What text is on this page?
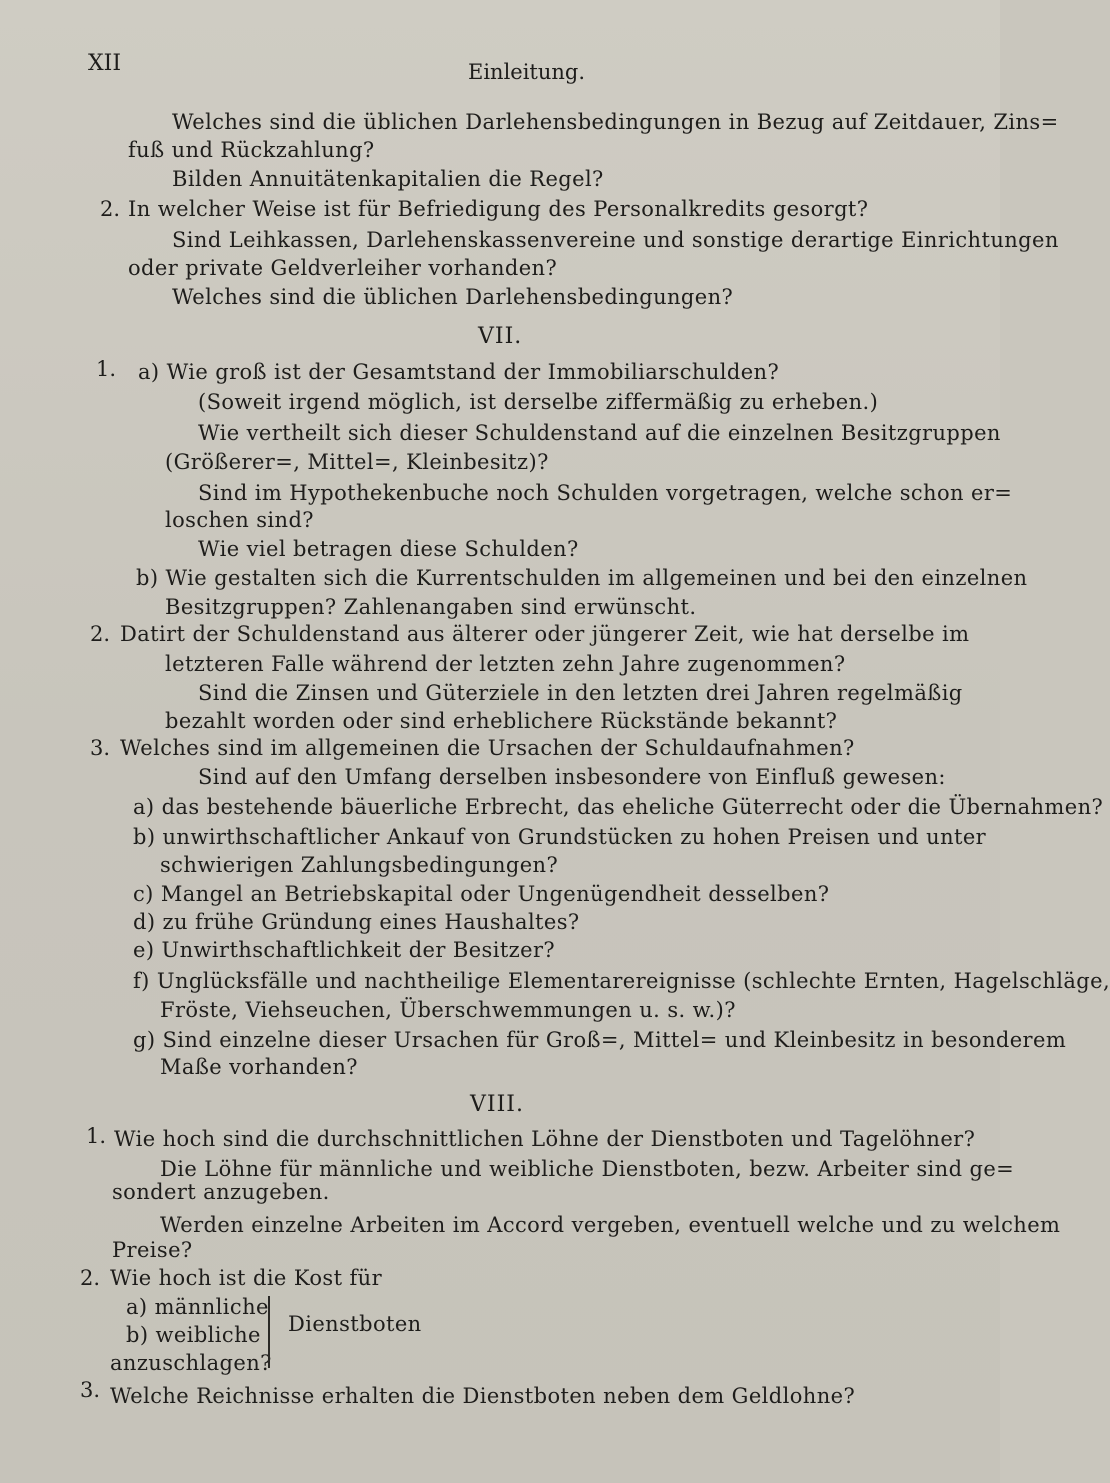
XII	Einleitung.
Welches sind die üblichen Darlehensbedingungen in Bezug auf Zeitdauer, Zins=
fuß und Rückzahlung?
Bilden Annuitätenkapitalien die Regel?
2. In welcher Weise ist für Befriedigung des Personalkredits gesorgt?
Sind Leihkassen, Darlehenskassenvereine und sonstige derartige Einrichtungen
oder private Geldverleiher vorhanden?
Welches sind die üblichen Darlehensbedingungen?
VII.
1. a) Wie groß ist der Gesamtstand der Immobiliarschulden?
(Soweit irgend möglich, ist derselbe ziffermäßig zu erheben.)
Wie vertheilt sich dieser Schuldenstand auf die einzelnen Besitzgruppen
(Größerer=, Mittel=, Kleinbesitz)?
Sind im Hypothekenbuche noch Schulden vorgetragen, welche schon er=
loschen sind?
Wie viel betragen diese Schulden?
b) Wie gestalten sich die Kurrentschulden im allgemeinen und bei den einzelnen
Besitzgruppen? Zahlenangaben sind erwünscht.
2. Datirt der Schuldenstand aus älterer oder jüngerer Zeit, wie hat derselbe im
letzteren Falle während der letzten zehn Jahre zugenommen?
Sind die Zinsen und Güterziele in den letzten drei Jahren regelmäßig
bezahlt worden oder sind erheblichere Rückstände bekannt?
3. Welches sind im allgemeinen die Ursachen der Schuldaufnahmen?
Sind auf den Umfang derselben insbesondere von Einfluß gewesen:
a) das bestehende bäuerliche Erbrecht, das eheliche Güterrecht oder die Übernahmen?
b) unwirthschaftlicher Ankauf von Grundstücken zu hohen Preisen und unter
schwierigen Zahlungsbedingungen?
c) Mangel an Betriebskapital oder Ungenügendheit desselben?
d) zu frühe Gründung eines Haushaltes?
e) Unwirthschaftlichkeit der Besitzer?
f) Unglücksfälle und nachtheilige Elementarereignisse (schlechte Ernten, Hagelschläge,
Fröste, Viehseuchen, Überschwemmungen u. s. w.)?
g) Sind einzelne dieser Ursachen für Groß=, Mittel= und Kleinbesitz in besonderem
Maße vorhanden?
VIII.
1. Wie hoch sind die durchschnittlichen Löhne der Dienstboten und Tagelöhner?
Die Löhne für männliche und weibliche Dienstboten, bezw. Arbeiter sind ge=
sondert anzugeben.
Werden einzelne Arbeiten im Accord vergeben, eventuell welche und zu welchem
Preise?
2. Wie hoch ist die Kost für
a) männliche
b) weibliche
anzuschlagen?
Dienstboten
3. Welche Reichnisse erhalten die Dienstboten neben dem Geldlohne?
